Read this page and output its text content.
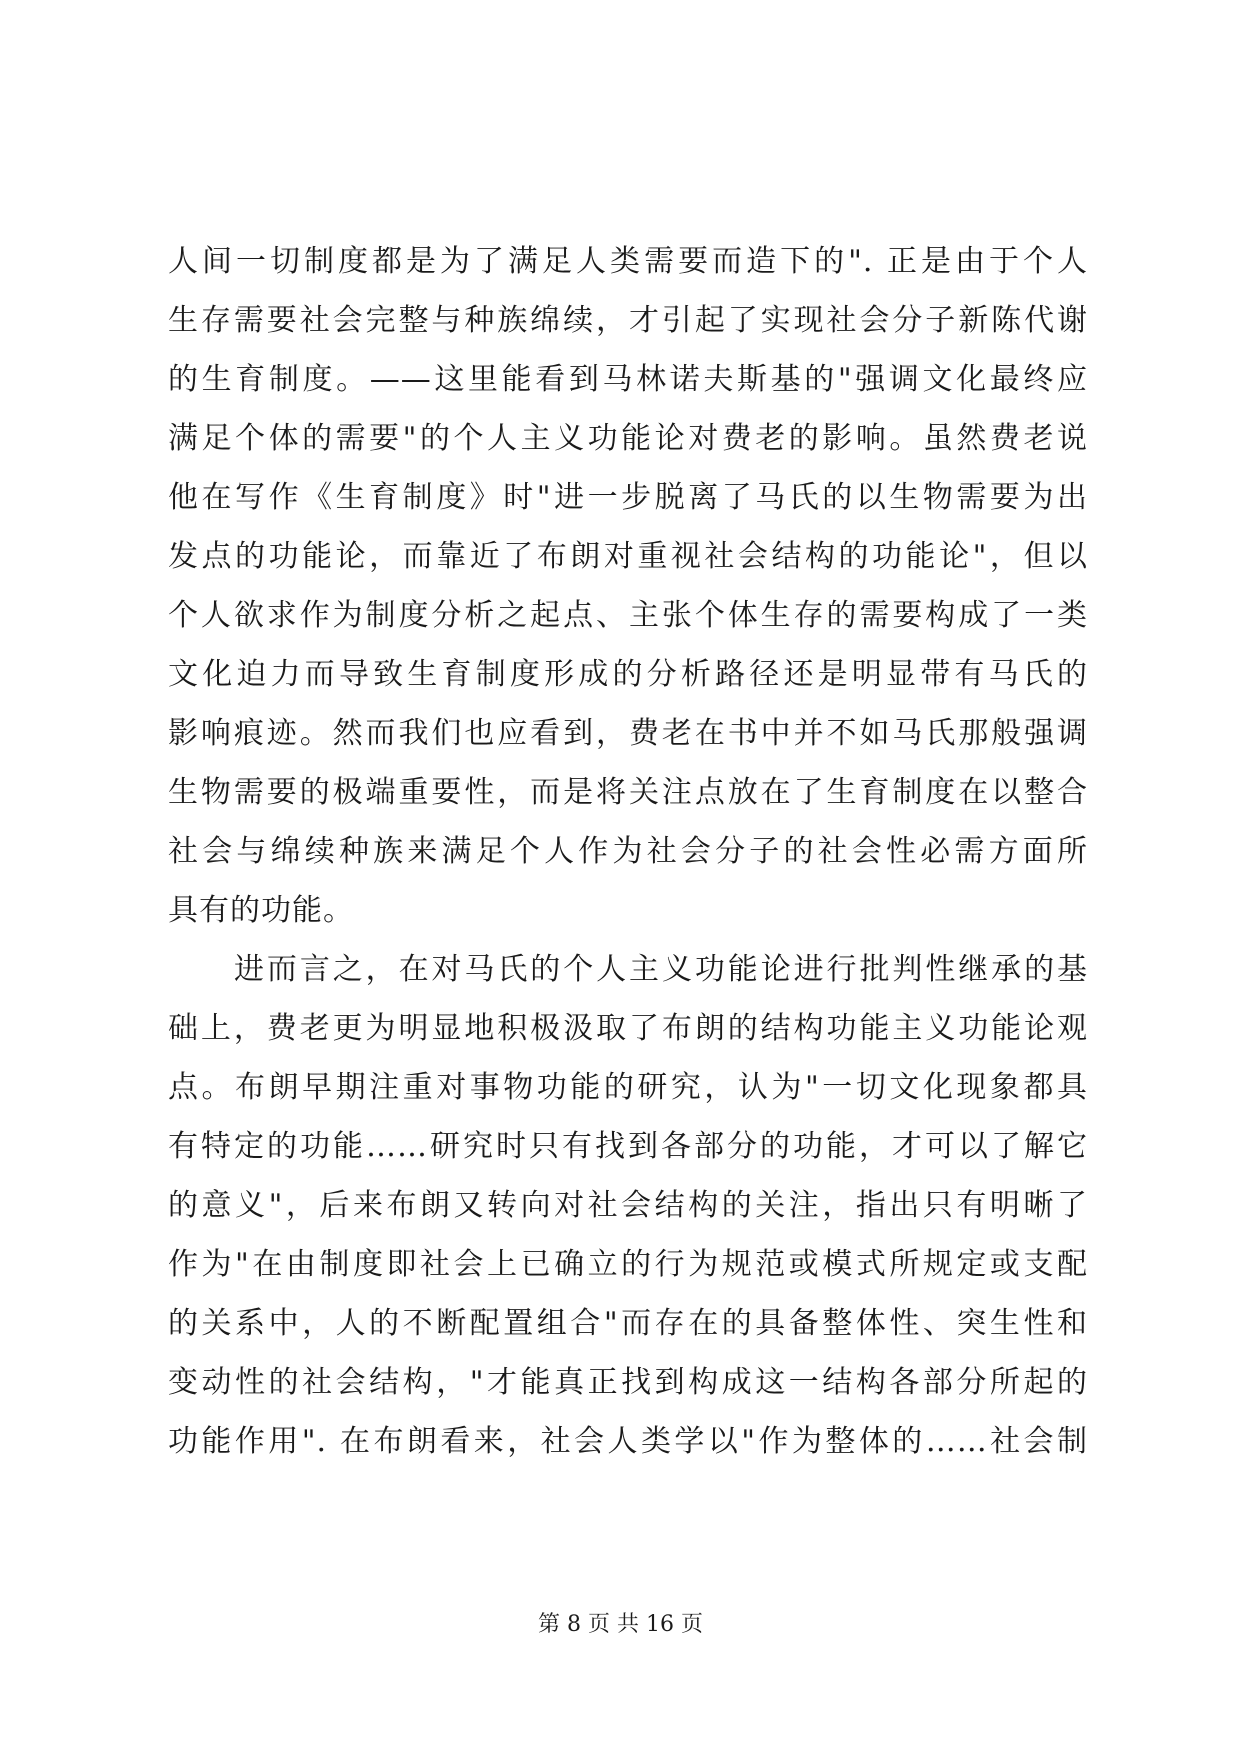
人间一切制度都是为了满足人类需要而造下的". 正是由于个人
生存需要社会完整与种族绵续，才引起了实现社会分子新陈代谢
的生育制度。——这里能看到马林诺夫斯基的"强调文化最终应
满足个体的需要"的个人主义功能论对费老的影响。虽然费老说
他在写作《生育制度》时"进一步脱离了马氏的以生物需要为出
发点的功能论，而靠近了布朗对重视社会结构的功能论"，但以
个人欲求作为制度分析之起点、主张个体生存的需要构成了一类
文化迫力而导致生育制度形成的分析路径还是明显带有马氏的
影响痕迹。然而我们也应看到，费老在书中并不如马氏那般强调
生物需要的极端重要性，而是将关注点放在了生育制度在以整合
社会与绵续种族来满足个人作为社会分子的社会性必需方面所
具有的功能。
进而言之，在对马氏的个人主义功能论进行批判性继承的基
础上，费老更为明显地积极汲取了布朗的结构功能主义功能论观
点。布朗早期注重对事物功能的研究，认为"一切文化现象都具
有特定的功能……研究时只有找到各部分的功能，才可以了解它
的意义"，后来布朗又转向对社会结构的关注，指出只有明晰了
作为"在由制度即社会上已确立的行为规范或模式所规定或支配
的关系中，人的不断配置组合"而存在的具备整体性、突生性和
变动性的社会结构，"才能真正找到构成这一结构各部分所起的
功能作用". 在布朗看来，社会人类学以"作为整体的……社会制
第 8 页 共 16 页
